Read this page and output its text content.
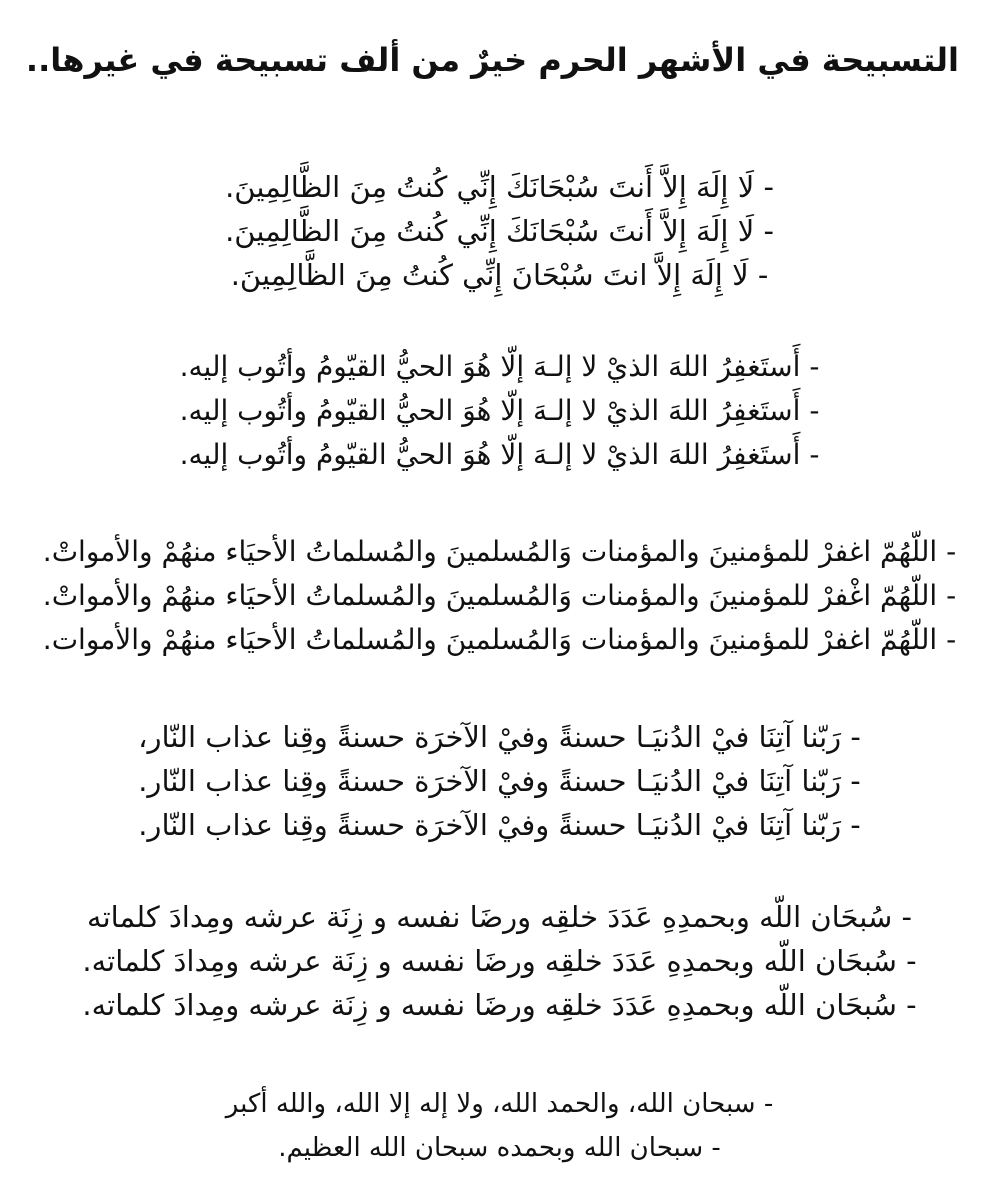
التسبيحة في الأشهر الحرم خيرٌ من ألف تسبيحة في غيرها..
- لَا إِلَهَ إِلاَّ أَنتَ سُبْحَانَكَ إِنِّي كُنتُ مِنَ الظَّالِمِينَ.
- لَا إِلَهَ إِلاَّ أَنتَ سُبْحَانَكَ إِنِّي كُنتُ مِنَ الظَّالِمِينَ.
- لَا إِلَهَ إِلاَّ انتَ سُبْحَانَ إِنِّي كُنتُ مِنَ الظَّالِمِينَ.
- أَستَغفِرُ اللهَ الذيْ لا إلـهَ إلّا هُوَ الحيُّ القيّومُ وأتُوب إليه.
- أَستَغفِرُ اللهَ الذيْ لا إلـهَ إلّا هُوَ الحيُّ القيّومُ وأتُوب إليه.
- أَستَغفِرُ اللهَ الذيْ لا إلـهَ إلّا هُوَ الحيُّ القيّومُ وأتُوب إليه.
- اللّهُمّ اغفرْ للمؤمنينَ والمؤمنات وَالمُسلمينَ والمُسلماتُ الأحيَاء منهُمْ والأمواتْ.
- اللّهُمّ اغْفرْ للمؤمنينَ والمؤمنات وَالمُسلمينَ والمُسلماتُ الأحيَاء منهُمْ والأمواتْ.
- اللّهُمّ اغفرْ للمؤمنينَ والمؤمنات وَالمُسلمينَ والمُسلماتُ الأحيَاء منهُمْ والأموات.
- رَبّنا آتِنَا فيْ الدُنيَـا حسنةً وفيْ الآخرَة حسنةً وقِنا عذاب النّار،
- رَبّنا آتِنَا فيْ الدُنيَـا حسنةً وفيْ الآخرَة حسنةً وقِنا عذاب النّار.
- رَبّنا آتِنَا فيْ الدُنيَـا حسنةً وفيْ الآخرَة حسنةً وقِنا عذاب النّار.
- سُبحَان اللّه وبحمدِهِ عَدَدَ خلقِه ورضَا نفسه و زِنَة عرشه ومِدادَ كلماته
- سُبحَان اللّه وبحمدِهِ عَدَدَ خلقِه ورضَا نفسه و زِنَة عرشه ومِدادَ كلماته.
- سُبحَان اللّه وبحمدِهِ عَدَدَ خلقِه ورضَا نفسه و زِنَة عرشه ومِدادَ كلماته.
- سبحان الله، والحمد الله، ولا إله إلا الله، والله أكبر
- سبحان الله وبحمده سبحان الله العظيم.
